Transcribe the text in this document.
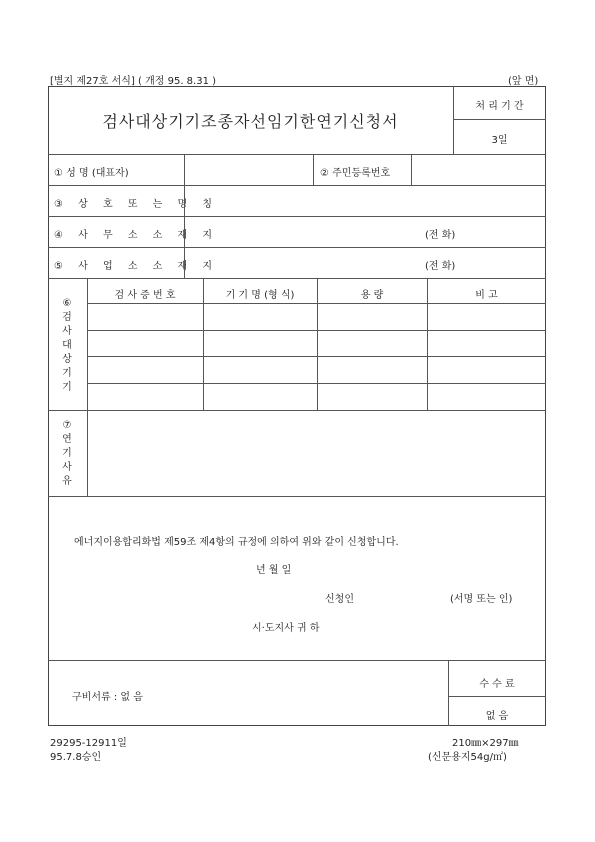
[별지 제27호 서식] ( 개정 95. 8.31 )	(앞 면)
검사대상기기조종자선임기한연기신청서
처 리 기 간
3일
① 성 명 (대표자)	② 주민등록번호
③ 상 호 또 는 명 칭
④ 사 무 소 소 재 지	(전 화)
⑤ 사 업 소 소 재 지	(전 화)
⑥
검
사
대
상
기
기
검 사 증 번 호	기 기 명 (형 식)	용 량	비 고
⑦
연
기
사
유
에너지이용합리화법 제59조 제4항의 규정에 의하여 위와 같이 신청합니다.
년 월 일
신청인	(서명 또는 인)
시·도지사 귀 하
구비서류 : 없 음
수 수 료
없 음
29295-12911일
95.7.8승인
210㎜×297㎜
(신문용지54g/㎡)
